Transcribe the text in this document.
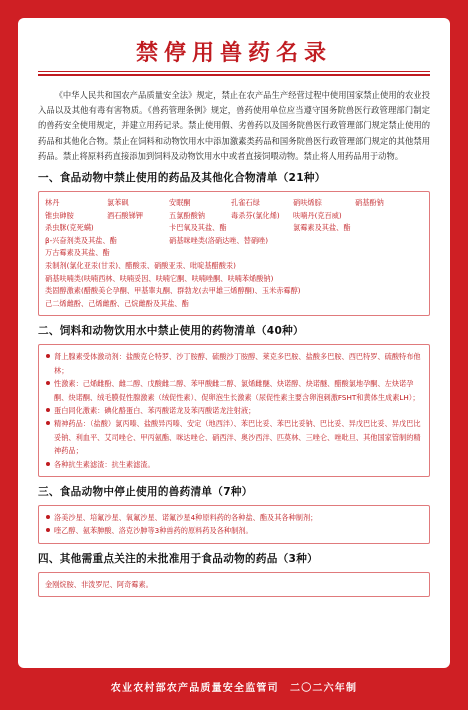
禁停用兽药名录

《中华人民共和国农产品质量安全法》规定，禁止在农产品生产经营过程中使用国家禁止使用的农业投入品以及其他有毒有害物质。《兽药管理条例》规定，兽药使用单位应当遵守国务院兽医行政管理部门制定的兽药安全使用规定，并建立用药记录。禁止使用假、劣兽药以及国务院兽医行政管理部门规定禁止使用的药品和其他化合物。禁止在饲料和动物饮用水中添加激素类药品和国务院兽医行政管理部门规定的其他禁用药品。禁止将原料药直接添加到饲料及动物饮用水中或者直接饲喂动物。禁止将人用药品用于动物。

一、食品动物中禁止使用的药品及其他化合物清单（21种）
林丹	氯苯砜	安眠酮	孔雀石绿	硝呋烯腙	硝基酚钠
锥虫砷胺	酒石酸锑钾	五氯酚酸钠	毒杀芬(氯化烯)	呋喃丹(克百威)
杀虫脒(克死螨)	卡巴氧及其盐、酯	氯霉素及其盐、酯
β-兴奋剂类及其盐、酯	硝基咪唑类(洛硝达唑、替硝唑)
万古霉素及其盐、酯
汞制剂(氯化亚汞(甘汞)、醋酸汞、硝酸亚汞、吡啶基醋酸汞)
硝基呋喃类(呋喃西林、呋喃妥因、呋喃它酮、呋喃唑酮、呋喃苯烯酸钠)
类固醇激素(醋酸美仑孕酮、甲基睾丸酮、群勃龙(去甲雄三烯醇酮)、玉米赤霉醇)
己二烯雌酚、己烯雌酚、己烷雌酚及其盐、酯
二、饲料和动物饮用水中禁止使用的药物清单（40种）

肾上腺素受体激动剂：盐酸克仑特罗、沙丁胺醇、硫酸沙丁胺醇、莱克多巴胺、盐酸多巴胺、西巴特罗、硫酸特布他林；

性激素：己烯雌酚、雌二醇、戊酸雌二醇、苯甲酸雌二醇、氯烯雌醚、炔诺醇、炔诺醚、醋酸氯地孕酮、左炔诺孕酮、炔诺酮、绒毛膜促性腺激素（绒促性素）、促卵泡生长激素（尿促性素主要含卵泡刺激FSHT和黄体生成素LH）；

蛋白同化激素：碘化酪蛋白、苯丙酸诺龙及苯丙酸诺龙注射液；

精神药品：（盐酸）氯丙嗪、盐酸异丙嗪、安定（地西泮）、苯巴比妥、苯巴比妥钠、巴比妥、异戊巴比妥、异戊巴比妥钠、利血平、艾司唑仑、甲丙氨酯、咪达唑仑、硝西泮、奥沙西泮、匹莫林、三唑仑、唑吡旦、其他国家管制的精神药品；

各种抗生素滤渣：抗生素滤渣。

三、食品动物中停止使用的兽药清单（7种）

洛美沙星、培氟沙星、氧氟沙星、诺氟沙星4种原料药的各种盐、酯及其各种制剂；

喹乙醇、氨苯胂酸、洛克沙胂等3种兽药的原料药及各种制剂。

四、其他需重点关注的未批准用于食品动物的药品（3种）

金刚烷胺、非泼罗尼、阿奇霉素。

农业农村部农产品质量安全监管司　二〇二六年制
